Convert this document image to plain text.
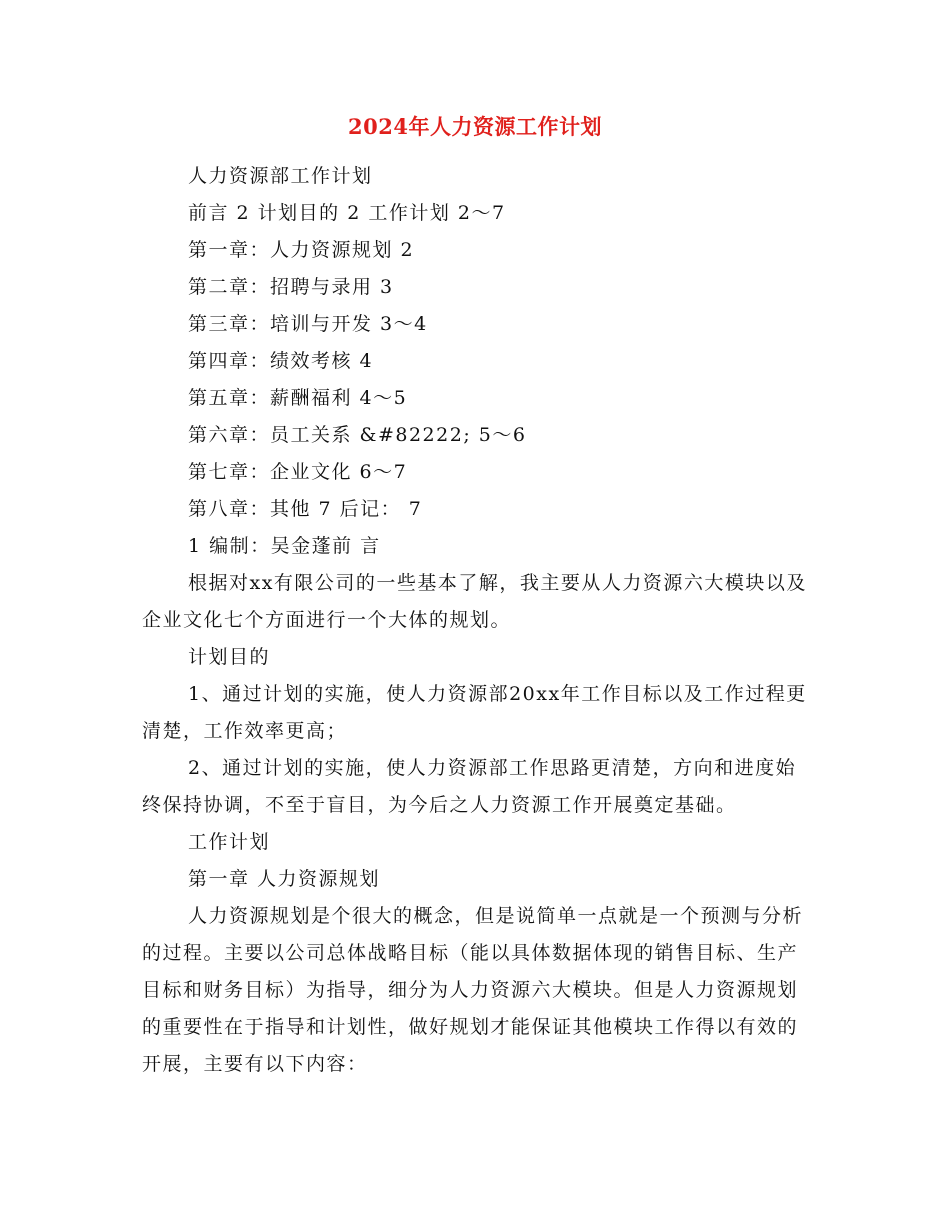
2024年人力资源工作计划

人力资源部工作计划

前言 2 计划目的 2 工作计划 2～7

第一章：人力资源规划 2

第二章：招聘与录用 3

第三章：培训与开发 3～4

第四章：绩效考核 4

第五章：薪酬福利 4～5

第六章：员工关系 &#82222; 5～6

第七章：企业文化 6～7

第八章：其他 7 后记： 7

1 编制：吴金蓬前 言

根据对xx有限公司的一些基本了解，我主要从人力资源六大模块以及企业文化七个方面进行一个大体的规划。

计划目的

1、通过计划的实施，使人力资源部20xx年工作目标以及工作过程更清楚，工作效率更高；

2、通过计划的实施，使人力资源部工作思路更清楚，方向和进度始终保持协调，不至于盲目，为今后之人力资源工作开展奠定基础。

工作计划

第一章 人力资源规划

人力资源规划是个很大的概念，但是说简单一点就是一个预测与分析的过程。主要以公司总体战略目标（能以具体数据体现的销售目标、生产目标和财务目标）为指导，细分为人力资源六大模块。但是人力资源规划的重要性在于指导和计划性，做好规划才能保证其他模块工作得以有效的开展，主要有以下内容：
